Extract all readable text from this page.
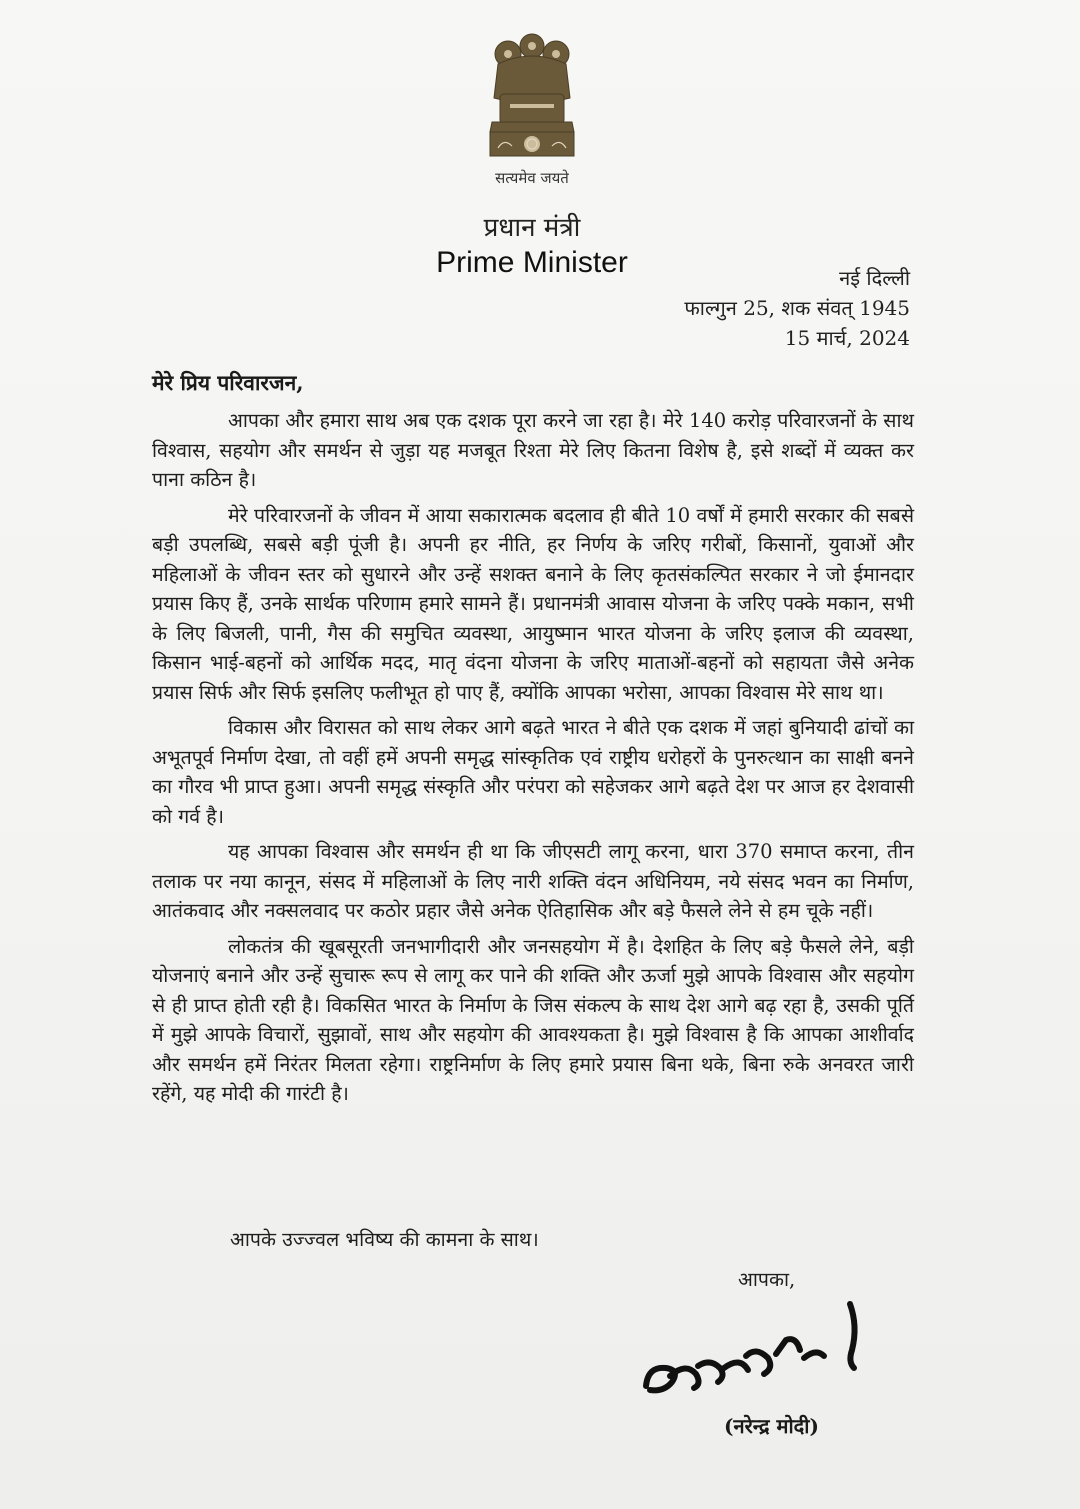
सत्यमेव जयते
प्रधान मंत्री
Prime Minister	नई दिल्ली
फाल्गुन 25, शक संवत् 1945
15 मार्च, 2024
मेरे प्रिय परिवारजन,

आपका और हमारा साथ अब एक दशक पूरा करने जा रहा है। मेरे 140 करोड़ परिवारजनों के साथ विश्वास, सहयोग और समर्थन से जुड़ा यह मजबूत रिश्ता मेरे लिए कितना विशेष है, इसे शब्दों में व्यक्त कर पाना कठिन है।

मेरे परिवारजनों के जीवन में आया सकारात्मक बदलाव ही बीते 10 वर्षों में हमारी सरकार की सबसे बड़ी उपलब्धि, सबसे बड़ी पूंजी है। अपनी हर नीति, हर निर्णय के जरिए गरीबों, किसानों, युवाओं और महिलाओं के जीवन स्तर को सुधारने और उन्हें सशक्त बनाने के लिए कृतसंकल्पित सरकार ने जो ईमानदार प्रयास किए हैं, उनके सार्थक परिणाम हमारे सामने हैं। प्रधानमंत्री आवास योजना के जरिए पक्के मकान, सभी के लिए बिजली, पानी, गैस की समुचित व्यवस्था, आयुष्मान भारत योजना के जरिए इलाज की व्यवस्था, किसान भाई-बहनों को आर्थिक मदद, मातृ वंदना योजना के जरिए माताओं-बहनों को सहायता जैसे अनेक प्रयास सिर्फ और सिर्फ इसलिए फलीभूत हो पाए हैं, क्योंकि आपका भरोसा, आपका विश्वास मेरे साथ था।

विकास और विरासत को साथ लेकर आगे बढ़ते भारत ने बीते एक दशक में जहां बुनियादी ढांचों का अभूतपूर्व निर्माण देखा, तो वहीं हमें अपनी समृद्ध सांस्कृतिक एवं राष्ट्रीय धरोहरों के पुनरुत्थान का साक्षी बनने का गौरव भी प्राप्त हुआ। अपनी समृद्ध संस्कृति और परंपरा को सहेजकर आगे बढ़ते देश पर आज हर देशवासी को गर्व है।

यह आपका विश्वास और समर्थन ही था कि जीएसटी लागू करना, धारा 370 समाप्त करना, तीन तलाक पर नया कानून, संसद में महिलाओं के लिए नारी शक्ति वंदन अधिनियम, नये संसद भवन का निर्माण, आतंकवाद और नक्सलवाद पर कठोर प्रहार जैसे अनेक ऐतिहासिक और बड़े फैसले लेने से हम चूके नहीं।

लोकतंत्र की खूबसूरती जनभागीदारी और जनसहयोग में है। देशहित के लिए बड़े फैसले लेने, बड़ी योजनाएं बनाने और उन्हें सुचारू रूप से लागू कर पाने की शक्ति और ऊर्जा मुझे आपके विश्वास और सहयोग से ही प्राप्त होती रही है। विकसित भारत के निर्माण के जिस संकल्प के साथ देश आगे बढ़ रहा है, उसकी पूर्ति में मुझे आपके विचारों, सुझावों, साथ और सहयोग की आवश्यकता है। मुझे विश्वास है कि आपका आशीर्वाद और समर्थन हमें निरंतर मिलता रहेगा। राष्ट्रनिर्माण के लिए हमारे प्रयास बिना थके, बिना रुके अनवरत जारी रहेंगे, यह मोदी की गारंटी है।

आपके उज्ज्वल भविष्य की कामना के साथ।
आपका,
(नरेन्द्र मोदी)
